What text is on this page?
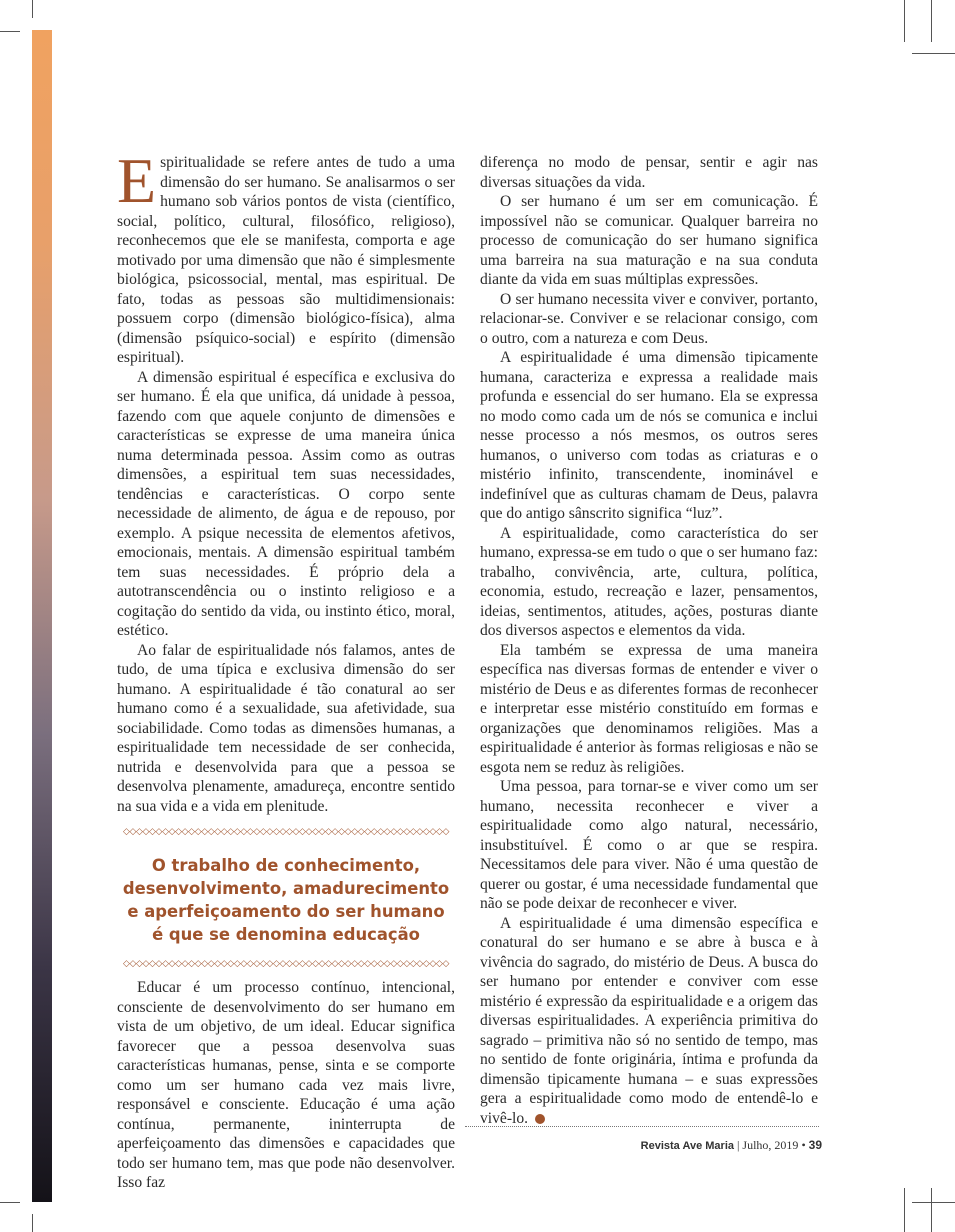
Espiritualidade se refere antes de tudo a uma dimensão do ser humano. Se analisarmos o ser humano sob vários pontos de vista (científico, social, político, cultural, filosófico, religioso), reconhecemos que ele se manifesta, comporta e age motivado por uma dimensão que não é simplesmente biológica, psicossocial, mental, mas espiritual. De fato, todas as pessoas são multidimensionais: possuem corpo (dimensão biológico-física), alma (dimensão psíquico-social) e espírito (dimensão espiritual).

A dimensão espiritual é específica e exclusiva do ser humano. É ela que unifica, dá unidade à pessoa, fazendo com que aquele conjunto de dimensões e características se expresse de uma maneira única numa determinada pessoa. Assim como as outras dimensões, a espiritual tem suas necessidades, tendências e características. O corpo sente necessidade de alimento, de água e de repouso, por exemplo. A psique necessita de elementos afetivos, emocionais, mentais. A dimensão espiritual também tem suas necessidades. É próprio dela a autotranscendência ou o instinto religioso e a cogitação do sentido da vida, ou instinto ético, moral, estético.

Ao falar de espiritualidade nós falamos, antes de tudo, de uma típica e exclusiva dimensão do ser humano. A espiritualidade é tão conatural ao ser humano como é a sexualidade, sua afetividade, sua sociabilidade. Como todas as dimensões humanas, a espiritualidade tem necessidade de ser conhecida, nutrida e desenvolvida para que a pessoa se desenvolva plenamente, amadureça, encontre sentido na sua vida e a vida em plenitude.

◇◇◇◇◇◇◇◇◇◇◇◇◇◇◇◇◇◇◇◇◇◇◇◇◇◇◇◇◇◇◇◇◇◇◇◇◇◇◇◇◇◇◇◇◇◇◇◇◇◇
O trabalho de conhecimento,
desenvolvimento, amadurecimento
e aperfeiçoamento do ser humano
é que se denomina educação
◇◇◇◇◇◇◇◇◇◇◇◇◇◇◇◇◇◇◇◇◇◇◇◇◇◇◇◇◇◇◇◇◇◇◇◇◇◇◇◇◇◇◇◇◇◇◇◇◇◇

Educar é um processo contínuo, intencional, consciente de desenvolvimento do ser humano em vista de um objetivo, de um ideal. Educar significa favorecer que a pessoa desenvolva suas características humanas, pense, sinta e se comporte como um ser humano cada vez mais livre, responsável e consciente. Educação é uma ação contínua, permanente, ininterrupta de aperfeiçoamento das dimensões e capacidades que todo ser humano tem, mas que pode não desenvolver. Isso faz

diferença no modo de pensar, sentir e agir nas diversas situações da vida.

O ser humano é um ser em comunicação. É impossível não se comunicar. Qualquer barreira no processo de comunicação do ser humano significa uma barreira na sua maturação e na sua conduta diante da vida em suas múltiplas expressões.

O ser humano necessita viver e conviver, portanto, relacionar-se. Conviver e se relacionar consigo, com o outro, com a natureza e com Deus.

A espiritualidade é uma dimensão tipicamente humana, caracteriza e expressa a realidade mais profunda e essencial do ser humano. Ela se expressa no modo como cada um de nós se comunica e inclui nesse processo a nós mesmos, os outros seres humanos, o universo com todas as criaturas e o mistério infinito, transcendente, inominável e indefinível que as culturas chamam de Deus, palavra que do antigo sânscrito significa “luz”.

A espiritualidade, como característica do ser humano, expressa-se em tudo o que o ser humano faz: trabalho, convivência, arte, cultura, política, economia, estudo, recreação e lazer, pensamentos, ideias, sentimentos, atitudes, ações, posturas diante dos diversos aspectos e elementos da vida.

Ela também se expressa de uma maneira específica nas diversas formas de entender e viver o mistério de Deus e as diferentes formas de reconhecer e interpretar esse mistério constituído em formas e organizações que denominamos religiões. Mas a espiritualidade é anterior às formas religiosas e não se esgota nem se reduz às religiões.

Uma pessoa, para tornar-se e viver como um ser humano, necessita reconhecer e viver a espiritualidade como algo natural, necessário, insubstituível. É como o ar que se respira. Necessitamos dele para viver. Não é uma questão de querer ou gostar, é uma necessidade fundamental que não se pode deixar de reconhecer e viver.

A espiritualidade é uma dimensão específica e conatural do ser humano e se abre à busca e à vivência do sagrado, do mistério de Deus. A busca do ser humano por entender e conviver com esse mistério é expressão da espiritualidade e a origem das diversas espiritualidades. A experiência primitiva do sagrado – primitiva não só no sentido de tempo, mas no sentido de fonte originária, íntima e profunda da dimensão tipicamente humana – e suas expressões gera a espiritualidade como modo de entendê-lo e vivê-lo.

Revista Ave Maria | Julho, 2019 • 39
